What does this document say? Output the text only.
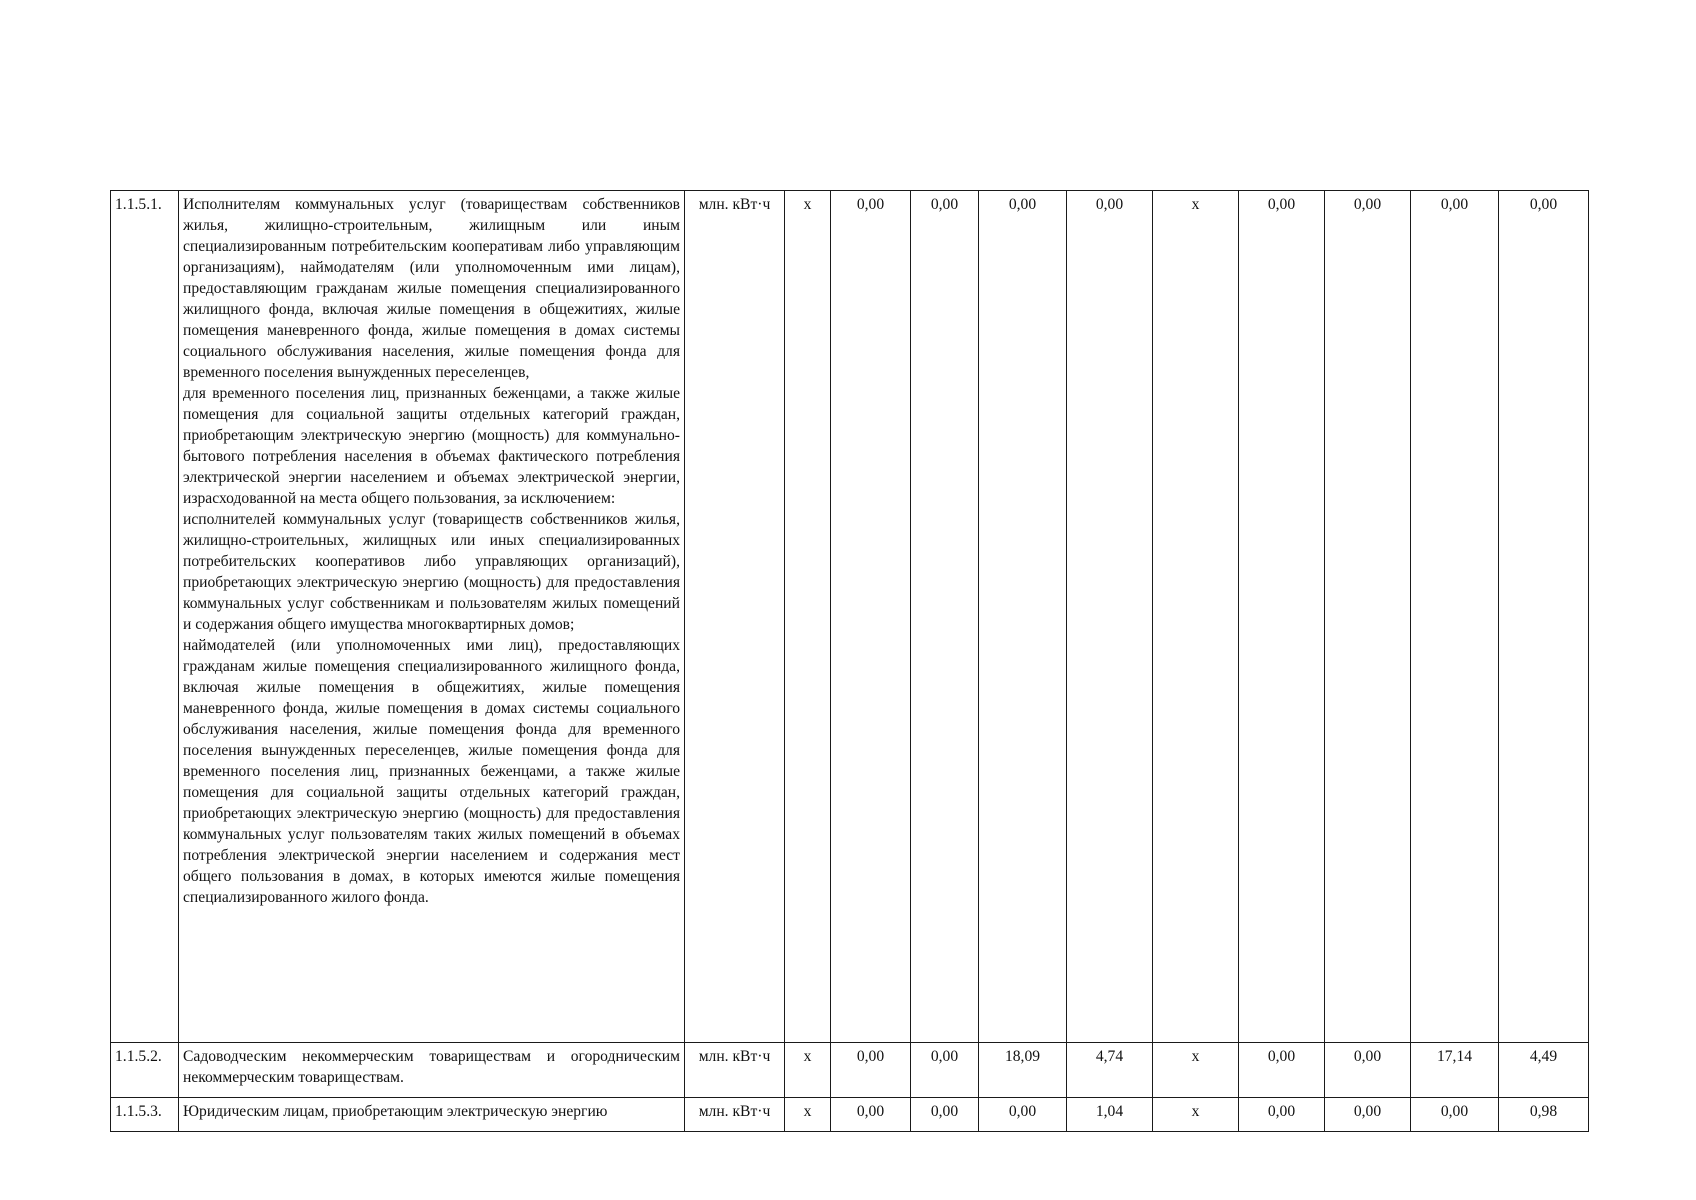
1.1.5.1.	Исполнителям коммунальных услуг (товариществам собственников жилья, жилищно-строительным, жилищным или иным специализированным потребительским кооперативам либо управляющим организациям), наймодателям (или уполномоченным ими лицам), предоставляющим гражданам жилые помещения специализированного жилищного фонда, включая жилые помещения в общежитиях, жилые помещения маневренного фонда, жилые помещения в домах системы социального обслуживания населения, жилые помещения фонда для временного поселения вынужденных переселенцев,

для временного поселения лиц, признанных беженцами, а также жилые помещения для социальной защиты отдельных категорий граждан, приобретающим электрическую энергию (мощность) для коммунально-бытового потребления населения в объемах фактического потребления электрической энергии населением и объемах электрической энергии, израсходованной на места общего пользования, за исключением:

исполнителей коммунальных услуг (товариществ собственников жилья, жилищно-строительных, жилищных или иных специализированных потребительских кооперативов либо управляющих организаций), приобретающих электрическую энергию (мощность) для предоставления коммунальных услуг собственникам и пользователям жилых помещений и содержания общего имущества многоквартирных домов;

наймодателей (или уполномоченных ими лиц), предоставляющих гражданам жилые помещения специализированного жилищного фонда, включая жилые помещения в общежитиях, жилые помещения маневренного фонда, жилые помещения в домах системы социального обслуживания населения, жилые помещения фонда для временного поселения вынужденных переселенцев, жилые помещения фонда для временного поселения лиц, признанных беженцами, а также жилые помещения для социальной защиты отдельных категорий граждан, приобретающих электрическую энергию (мощность) для предоставления коммунальных услуг пользователям таких жилых помещений в объемах потребления электрической энергии населением и содержания мест общего пользования в домах, в которых имеются жилые помещения специализированного жилого фонда.	млн. кВт·ч	x	0,00	0,00	0,00	0,00	x	0,00	0,00	0,00	0,00
1.1.5.2.	Садоводческим некоммерческим товариществам и огородническим некоммерческим товариществам.	млн. кВт·ч	x	0,00	0,00	18,09	4,74	x	0,00	0,00	17,14	4,49
1.1.5.3.	Юридическим лицам, приобретающим электрическую энергию	млн. кВт·ч	x	0,00	0,00	0,00	1,04	x	0,00	0,00	0,00	0,98
